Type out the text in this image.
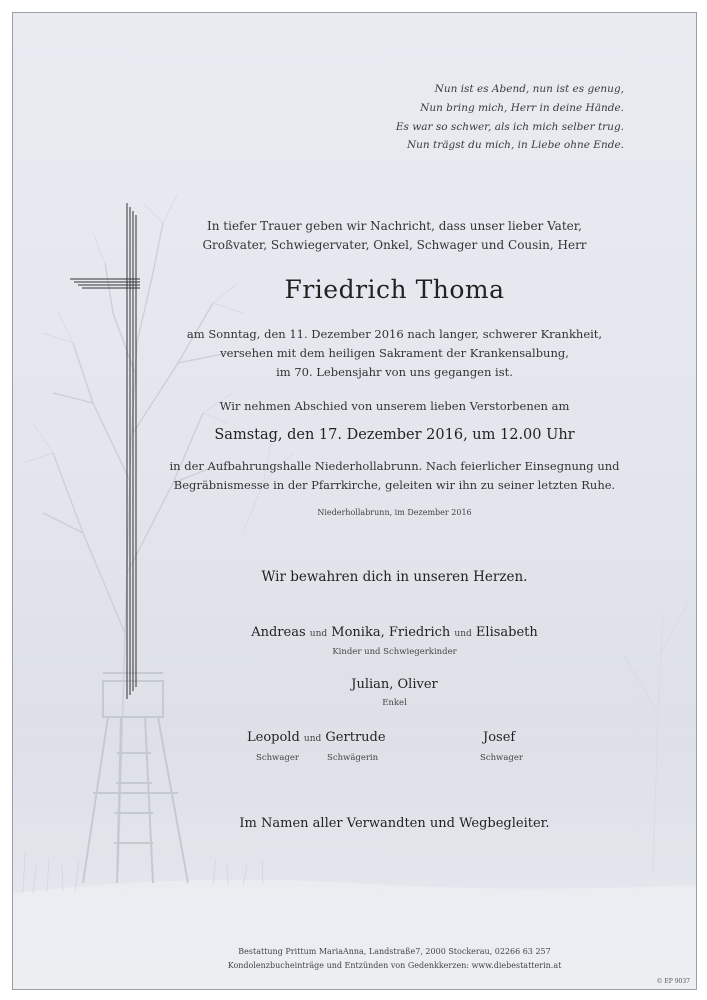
Nun ist es Abend, nun ist es genug,
Nun bring mich, Herr in deine Hände.
Es war so schwer, als ich mich selber trug.
Nun trägst du mich, in Liebe ohne Ende.
In tiefer Trauer geben wir Nachricht, dass unser lieber Vater,
Großvater, Schwiegervater, Onkel, Schwager und Cousin, Herr
Friedrich Thoma
am Sonntag, den 11. Dezember 2016 nach langer, schwerer Krankheit,
versehen mit dem heiligen Sakrament der Krankensalbung,
im 70. Lebensjahr von uns gegangen ist.
Wir nehmen Abschied von unserem lieben Verstorbenen am
Samstag, den 17. Dezember 2016, um 12.00 Uhr
in der Aufbahrungshalle Niederhollabrunn. Nach feierlicher Einsegnung und
Begräbnismesse in der Pfarrkirche, geleiten wir ihn zu seiner letzten Ruhe.
Niederhollabrunn, im Dezember 2016
Wir bewahren dich in unseren Herzen.
Andreas und Monika, Friedrich und Elisabeth
Kinder und Schwiegerkinder
Julian, Oliver
Enkel
Leopold und Gertrude
Schwager	Schwägerin
Josef
Schwager
Im Namen aller Verwandten und Wegbegleiter.
Bestattung Prittum MariaAnna, Landstraße7, 2000 Stockerau, 02266 63 257
Kondolenzbucheinträge und Entzünden von Gedenkkerzen: www.diebestatterin.at
© EP 9037
